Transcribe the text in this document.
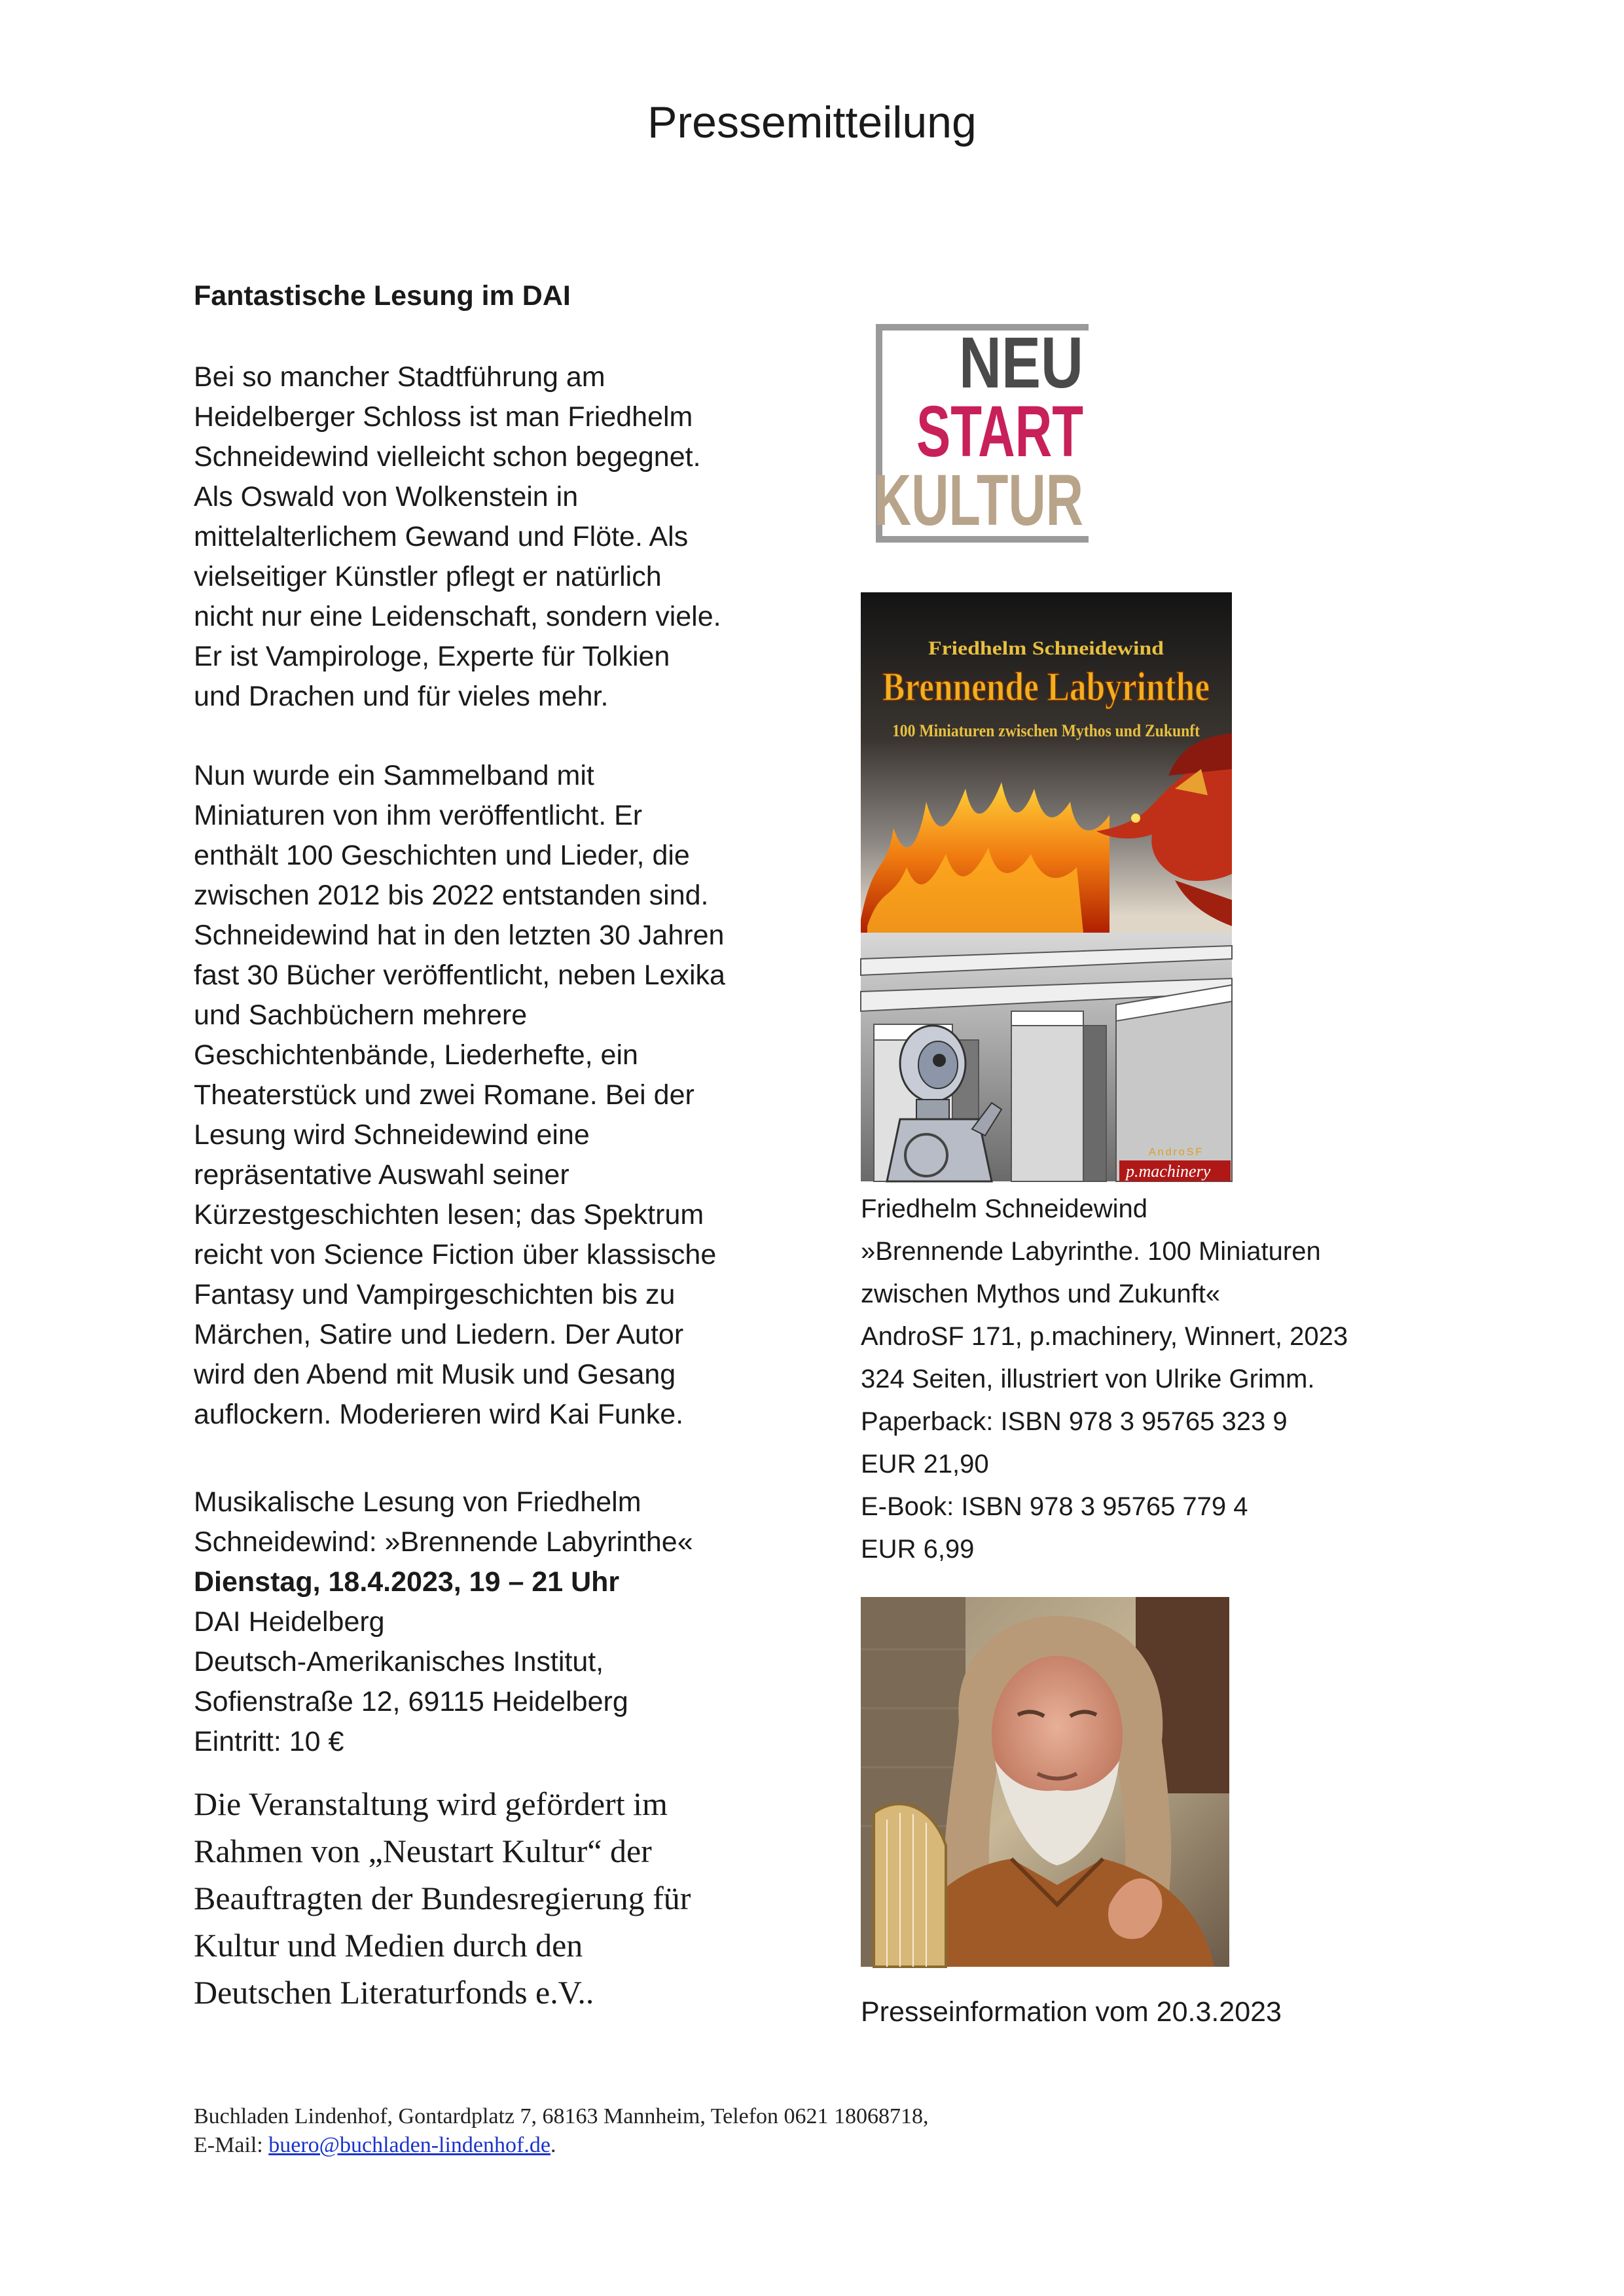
Pressemitteilung
Fantastische Lesung im DAI
Bei so mancher Stadtführung am
Heidelberger Schloss ist man Friedhelm
Schneidewind vielleicht schon begegnet.
Als Oswald von Wolkenstein in
mittelalterlichem Gewand und Flöte. Als
vielseitiger Künstler pflegt er natürlich
nicht nur eine Leidenschaft, sondern viele.
Er ist Vampirologe, Experte für Tolkien
und Drachen und für vieles mehr.
Nun wurde ein Sammelband mit
Miniaturen von ihm veröffentlicht. Er
enthält 100 Geschichten und Lieder, die
zwischen 2012 bis 2022 entstanden sind.
Schneidewind hat in den letzten 30 Jahren
fast 30 Bücher veröffentlicht, neben Lexika
und Sachbüchern mehrere
Geschichtenbände, Liederhefte, ein
Theaterstück und zwei Romane. Bei der
Lesung wird Schneidewind eine
repräsentative Auswahl seiner
Kürzestgeschichten lesen; das Spektrum
reicht von Science Fiction über klassische
Fantasy und Vampirgeschichten bis zu
Märchen, Satire und Liedern. Der Autor
wird den Abend mit Musik und Gesang
auflockern. Moderieren wird Kai Funke.
Musikalische Lesung von Friedhelm
Schneidewind: »Brennende Labyrinthe«
Dienstag, 18.4.2023, 19 – 21 Uhr
DAI Heidelberg
Deutsch-Amerikanisches Institut,
Sofienstraße 12, 69115 Heidelberg
Eintritt: 10 €
Die Veranstaltung wird gefördert im
Rahmen von „Neustart Kultur“ der
Beauftragten der Bundesregierung für
Kultur und Medien durch den
Deutschen Literaturfonds e.V..
Buchladen Lindenhof, Gontardplatz 7, 68163 Mannheim, Telefon 0621 18068718,
E-Mail: buero@buchladen-lindenhof.de.
NEU
START
KULTUR
Friedhelm Schneidewind
Brennende Labyrinthe
100 Miniaturen zwischen Mythos und Zukunft
AndroSF
p.machinery
Friedhelm Schneidewind
»Brennende Labyrinthe. 100 Miniaturen
zwischen Mythos und Zukunft«
AndroSF 171, p.machinery, Winnert, 2023
324 Seiten, illustriert von Ulrike Grimm.
Paperback: ISBN 978 3 95765 323 9
EUR 21,90
E-Book: ISBN 978 3 95765 779 4
EUR 6,99
Presseinformation vom 20.3.2023
